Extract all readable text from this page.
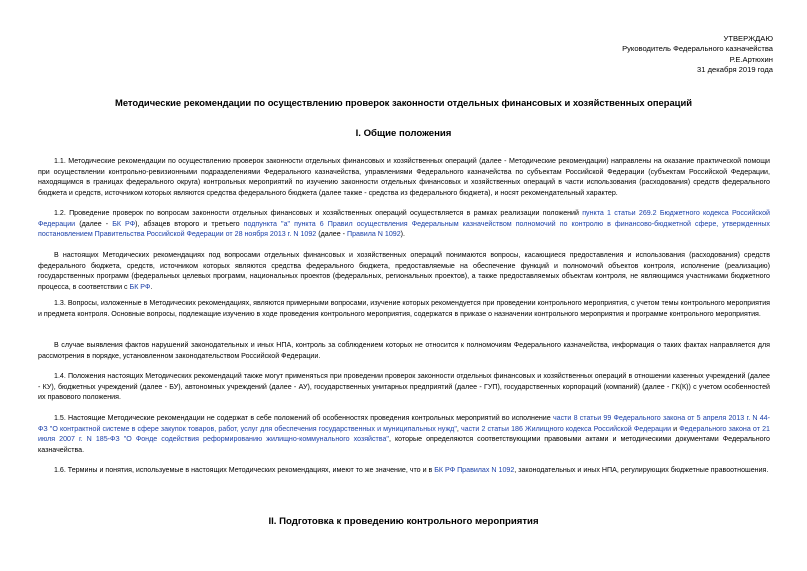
УТВЕРЖДАЮ
Руководитель Федерального казначейства
Р.Е.Артюхин
31 декабря 2019 года
Методические рекомендации по осуществлению проверок законности отдельных финансовых и хозяйственных операций
I. Общие положения

1.1. Методические рекомендации по осуществлению проверок законности отдельных финансовых и хозяйственных операций (далее - Методические рекомендации) направлены на оказание практической помощи при осуществлении контрольно-ревизионными подразделениями Федерального казначейства, управлениями Федерального казначейства по субъектам Российской Федерации (субъектам Российской Федерации, находящимся в границах федерального округа) контрольных мероприятий по изучению законности отдельных финансовых и хозяйственных операций в части использования (расходования) средств федерального бюджета и средств, источником которых являются средства федерального бюджета (далее также - средства из федерального бюджета), и носят рекомендательный характер.

1.2. Проведение проверок по вопросам законности отдельных финансовых и хозяйственных операций осуществляется в рамках реализации положений пункта 1 статьи 269.2 Бюджетного кодекса Российской Федерации (далее - БК РФ), абзацев второго и третьего подпункта "а" пункта 6 Правил осуществления Федеральным казначейством полномочий по контролю в финансово-бюджетной сфере, утвержденных постановлением Правительства Российской Федерации от 28 ноября 2013 г. N 1092 (далее - Правила N 1092).

В настоящих Методических рекомендациях под вопросами отдельных финансовых и хозяйственных операций понимаются вопросы, касающиеся предоставления и использования (расходования) средств федерального бюджета, средств, источником которых являются средства федерального бюджета, предоставляемые на обеспечение функций и полномочий объектов контроля, исполнение (реализацию) государственных программ (федеральных целевых программ, национальных проектов (федеральных, региональных проектов), а также предоставляемых объектам контроля, не являющимся участниками бюджетного процесса, в соответствии с БК РФ.

1.3. Вопросы, изложенные в Методических рекомендациях, являются примерными вопросами, изучение которых рекомендуется при проведении контрольного мероприятия, с учетом темы контрольного мероприятия и предмета контроля. Основные вопросы, подлежащие изучению в ходе проведения контрольного мероприятия, содержатся в приказе о назначении контрольного мероприятия и программе контрольного мероприятия.

В случае выявления фактов нарушений законодательных и иных НПА, контроль за соблюдением которых не относится к полномочиям Федерального казначейства, информация о таких фактах направляется для рассмотрения в порядке, установленном законодательством Российской Федерации.

1.4. Положения настоящих Методических рекомендаций также могут применяться при проведении проверок законности отдельных финансовых и хозяйственных операций в отношении казенных учреждений (далее - КУ), бюджетных учреждений (далее - БУ), автономных учреждений (далее - АУ), государственных унитарных предприятий (далее - ГУП), государственных корпораций (компаний) (далее - ГК(К)) с учетом особенностей их правового положения.

1.5. Настоящие Методические рекомендации не содержат в себе положений об особенностях проведения контрольных мероприятий во исполнение части 8 статьи 99 Федерального закона от 5 апреля 2013 г. N 44-ФЗ "О контрактной системе в сфере закупок товаров, работ, услуг для обеспечения государственных и муниципальных нужд", части 2 статьи 186 Жилищного кодекса Российской Федерации и Федерального закона от 21 июля 2007 г. N 185-ФЗ "О Фонде содействия реформированию жилищно-коммунального хозяйства", которые определяются соответствующими правовыми актами и методическими документами Федерального казначейства.

1.6. Термины и понятия, используемые в настоящих Методических рекомендациях, имеют то же значение, что и в БК РФ Правилах N 1092, законодательных и иных НПА, регулирующих бюджетные правоотношения.

II. Подготовка к проведению контрольного мероприятия
